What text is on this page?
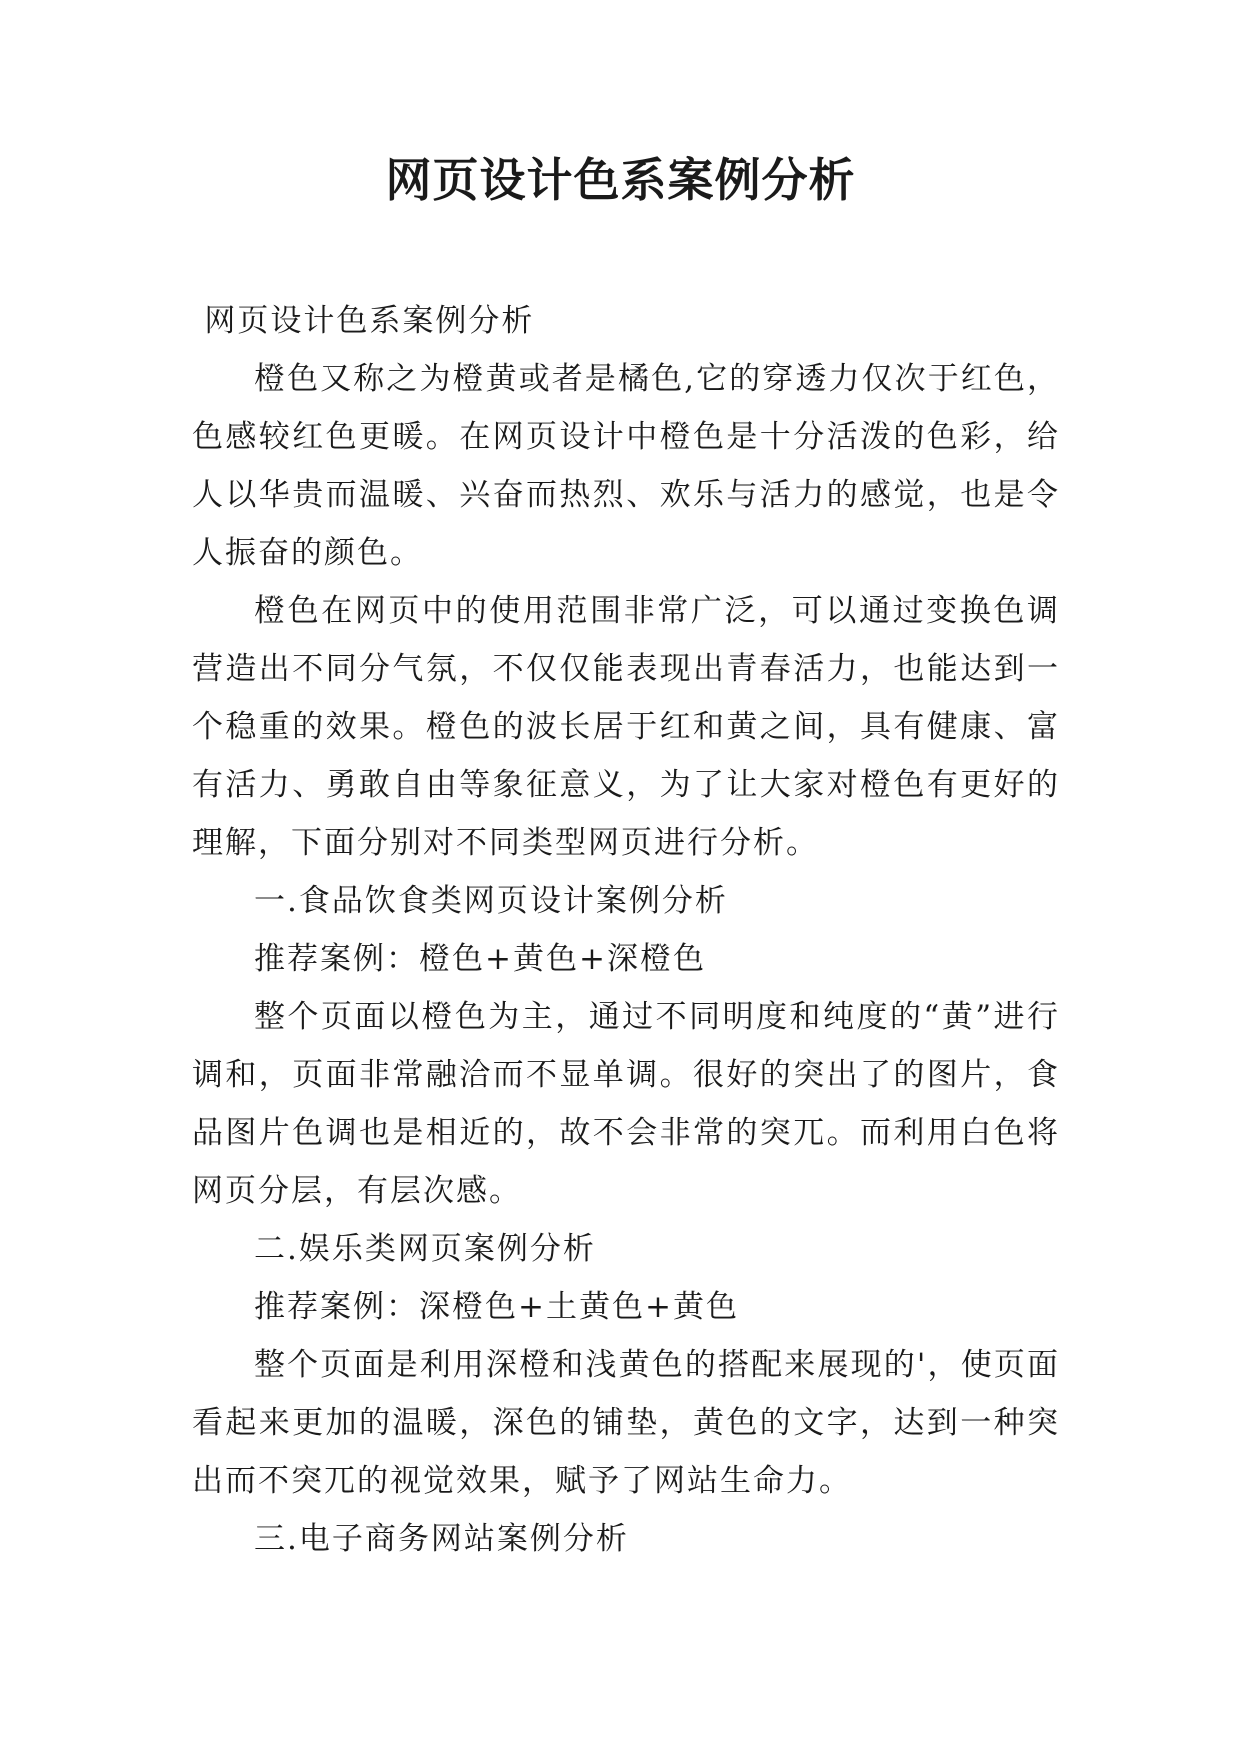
网页设计色系案例分析

网页设计色系案例分析

橙色又称之为橙黄或者是橘色,它的穿透力仅次于红色，色感较红色更暖。在网页设计中橙色是十分活泼的色彩，给人以华贵而温暖、兴奋而热烈、欢乐与活力的感觉，也是令人振奋的颜色。

橙色在网页中的使用范围非常广泛，可以通过变换色调营造出不同分气氛，不仅仅能表现出青春活力，也能达到一个稳重的效果。橙色的波长居于红和黄之间，具有健康、富有活力、勇敢自由等象征意义，为了让大家对橙色有更好的理解，下面分别对不同类型网页进行分析。

一.食品饮食类网页设计案例分析

推荐案例：橙色+黄色+深橙色

整个页面以橙色为主，通过不同明度和纯度的“黄”进行调和，页面非常融洽而不显单调。很好的突出了的图片，食品图片色调也是相近的，故不会非常的突兀。而利用白色将网页分层，有层次感。

二.娱乐类网页案例分析

推荐案例：深橙色+土黄色+黄色

整个页面是利用深橙和浅黄色的搭配来展现的'，使页面看起来更加的温暖，深色的铺垫，黄色的文字，达到一种突出而不突兀的视觉效果，赋予了网站生命力。

三.电子商务网站案例分析
